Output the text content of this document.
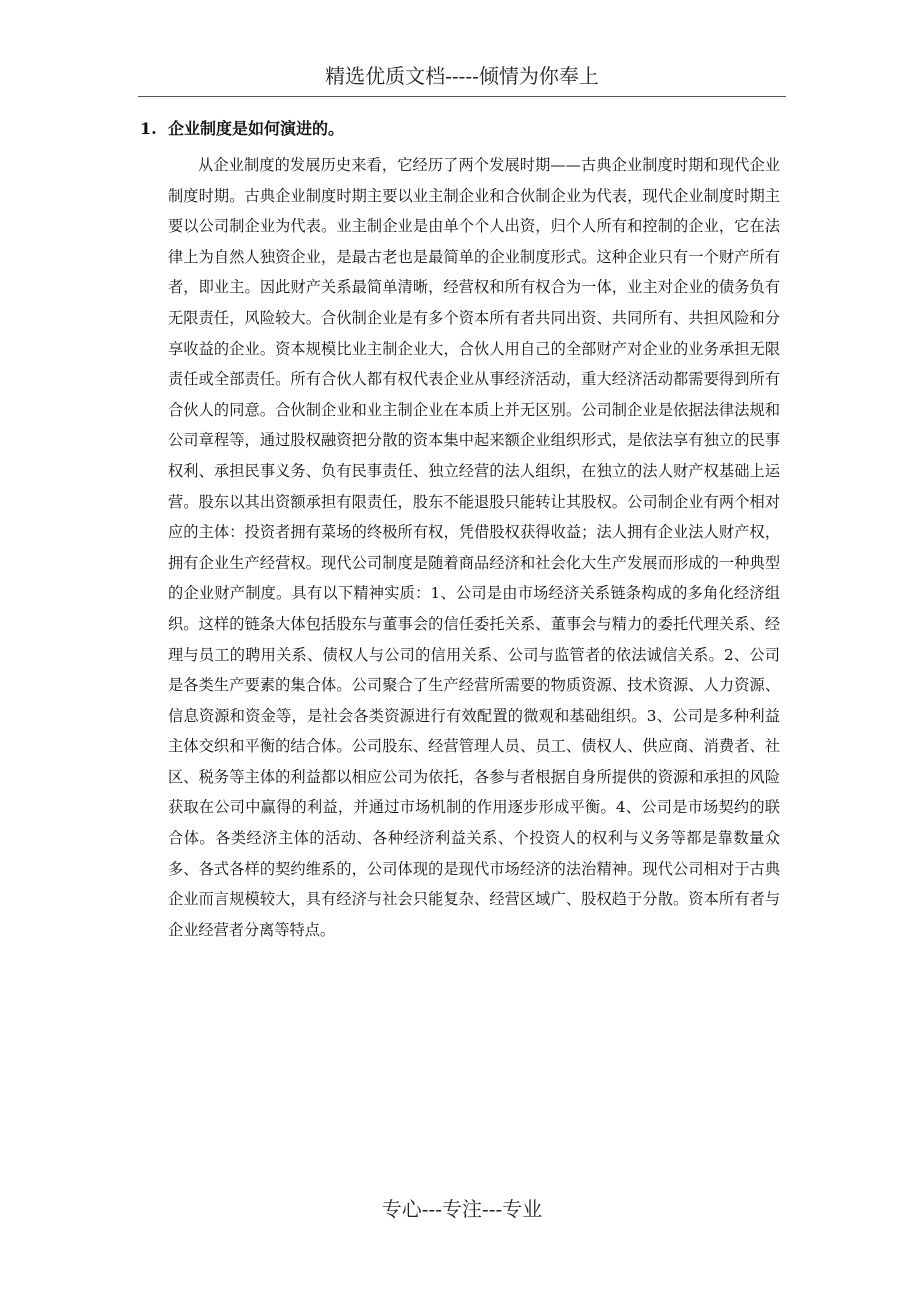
精选优质文档-----倾情为你奉上
1. 企业制度是如何演进的。

从企业制度的发展历史来看，它经历了两个发展时期——古典企业制度时期和现代企业制度时期。古典企业制度时期主要以业主制企业和合伙制企业为代表，现代企业制度时期主要以公司制企业为代表。业主制企业是由单个个人出资，归个人所有和控制的企业，它在法律上为自然人独资企业，是最古老也是最简单的企业制度形式。这种企业只有一个财产所有者，即业主。因此财产关系最简单清晰，经营权和所有权合为一体，业主对企业的债务负有无限责任，风险较大。合伙制企业是有多个资本所有者共同出资、共同所有、共担风险和分享收益的企业。资本规模比业主制企业大，合伙人用自己的全部财产对企业的业务承担无限责任或全部责任。所有合伙人都有权代表企业从事经济活动，重大经济活动都需要得到所有合伙人的同意。合伙制企业和业主制企业在本质上并无区别。公司制企业是依据法律法规和公司章程等，通过股权融资把分散的资本集中起来额企业组织形式，是依法享有独立的民事权利、承担民事义务、负有民事责任、独立经营的法人组织，在独立的法人财产权基础上运营。股东以其出资额承担有限责任，股东不能退股只能转让其股权。公司制企业有两个相对应的主体：投资者拥有菜场的终极所有权，凭借股权获得收益；法人拥有企业法人财产权，拥有企业生产经营权。现代公司制度是随着商品经济和社会化大生产发展而形成的一种典型的企业财产制度。具有以下精神实质：1、公司是由市场经济关系链条构成的多角化经济组织。这样的链条大体包括股东与董事会的信任委托关系、董事会与精力的委托代理关系、经理与员工的聘用关系、债权人与公司的信用关系、公司与监管者的依法诚信关系。2、公司是各类生产要素的集合体。公司聚合了生产经营所需要的物质资源、技术资源、人力资源、信息资源和资金等，是社会各类资源进行有效配置的微观和基础组织。3、公司是多种利益主体交织和平衡的结合体。公司股东、经营管理人员、员工、债权人、供应商、消费者、社区、税务等主体的利益都以相应公司为依托，各参与者根据自身所提供的资源和承担的风险获取在公司中赢得的利益，并通过市场机制的作用逐步形成平衡。4、公司是市场契约的联合体。各类经济主体的活动、各种经济利益关系、个投资人的权利与义务等都是靠数量众多、各式各样的契约维系的，公司体现的是现代市场经济的法治精神。现代公司相对于古典企业而言规模较大，具有经济与社会只能复杂、经营区域广、股权趋于分散。资本所有者与企业经营者分离等特点。

专心---专注---专业
